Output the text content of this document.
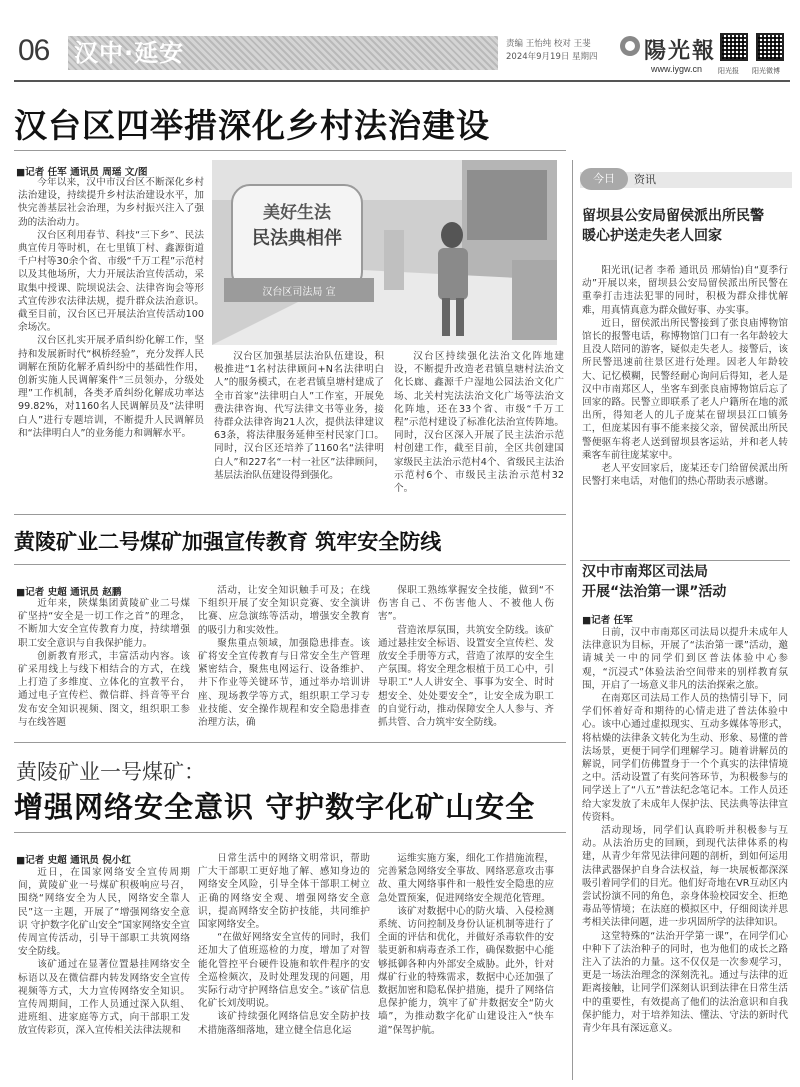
06 汉中·延安	责编 王怡纯 校对 王斐
2024年9月19日 星期四 陽光報
www.iygw.cn 阳光报 阳光微博
汉台区四举措深化乡村法治建设
■记者 任军 通讯员 周瑶 文/图
美好生法
民法典相伴
汉台区司法局 宣

今年以来，汉中市汉台区不断深化乡村法治建设，持续提升乡村法治建设水平，加快完善基层社会治理，为乡村振兴注入了强劲的法治动力。

汉台区利用春节、科技“三下乡”、民法典宣传月等时机，在七里镇丁村、鑫源街道千户村等30余个省、市级“千万工程”示范村以及其他场所，大力开展法治宣传活动，采取集中授课、院坝说法会、法律咨询会等形式宣传涉农法律法规，提升群众法治意识。截至目前，汉台区已开展法治宣传活动100余场次。

汉台区扎实开展矛盾纠纷化解工作，坚持和发展新时代“枫桥经验”，充分发挥人民调解在预防化解矛盾纠纷中的基础性作用，创新实施人民调解案件“三员领办，分级处理”工作机制，各类矛盾纠纷化解成功率达99.82%，对1160名人民调解员及“法律明白人”进行专题培训，不断提升人民调解员和“法律明白人”的业务能力和调解水平。

汉台区加强基层法治队伍建设，积极推进“1名村法律顾问+N名法律明白人”的服务模式，在老君镇皇塘村建成了全市首家“法律明白人”工作室，开展免费法律咨询、代写法律文书等业务，接待群众法律咨询21人次，提供法律建议63条，将法律服务延伸至村民家门口。同时，汉台区还培养了1160名“法律明白人”和227名“一村一社区”法律顾问，基层法治队伍建设得到强化。

汉台区持续强化法治文化阵地建设，不断提升改造老君镇皇塘村法治文化长廊、鑫源千户湿地公园法治文化广场、北关村宪法法治文化广场等法治文化阵地，还在33个省、市级“千万工程”示范村建设了标准化法治宣传阵地。同时，汉台区深入开展了民主法治示范村创建工作，截至目前，全区共创建国家级民主法治示范村4个、省级民主法治示范村6个、市级民主法治示范村32个。

黄陵矿业二号煤矿加强宣传教育 筑牢安全防线
■记者 史超 通讯员 赵鹏

近年来，陕煤集团黄陵矿业二号煤矿坚持“安全是一切工作之首”的理念，不断加大安全宣传教育力度，持续增强职工安全意识与自我保护能力。

创新教育形式，丰富活动内容。该矿采用线上与线下相结合的方式，在线上打造了多维度、立体化的宣教平台，通过电子宣传栏、微信群、抖音等平台发布安全知识视频、图文，组织职工参与在线答题

活动，让安全知识触手可及；在线下组织开展了安全知识竞赛、安全演讲比赛、应急演练等活动，增强安全教育的吸引力和实效性。

聚焦重点领域，加强隐患排查。该矿将安全宣传教育与日常安全生产管理紧密结合，聚焦电网运行、设备维护、井下作业等关键环节，通过举办培训讲座、现场教学等方式，组织职工学习专业技能、安全操作规程和安全隐患排查治理方法，确

保职工熟练掌握安全技能，做到“不伤害自己、不伤害他人、不被他人伤害”。

营造浓厚氛围，共筑安全防线。该矿通过悬挂安全标语、设置安全宣传栏、发放安全手册等方式，营造了浓厚的安全生产氛围。将安全理念根植于员工心中，引导职工“人人讲安全、事事为安全、时时想安全、处处要安全”，让安全成为职工的自觉行动，推动保障安全人人参与、齐抓共管、合力筑牢安全防线。

黄陵矿业一号煤矿：
增强网络安全意识 守护数字化矿山安全
■记者 史超 通讯员 倪小红

近日，在国家网络安全宣传周期间，黄陵矿业一号煤矿积极响应号召，围绕“网络安全为人民，网络安全靠人民”这一主题，开展了“增强网络安全意识 守护数字化矿山安全”国家网络安全宣传周宣传活动，引导干部职工共筑网络安全防线。

该矿通过在显著位置悬挂网络安全标语以及在微信群内转发网络安全宣传视频等方式，大力宣传网络安全知识。宣传周期间，工作人员通过深入队组、进班组、进家庭等方式，向干部职工发放宣传彩页，深入宣传相关法律法规和

日常生活中的网络文明常识，帮助广大干部职工更好地了解、感知身边的网络安全风险，引导全体干部职工树立正确的网络安全观、增强网络安全意识，提高网络安全防护技能，共同维护国家网络安全。

“在做好网络安全宣传的同时，我们还加大了值班巡检的力度，增加了对智能化管控平台硬件设施和软件程序的安全巡检频次，及时处理发现的问题，用实际行动守护网络信息安全。”该矿信息化矿长刘茂明说。

该矿持续强化网络信息安全防护技术措施落细落地，建立健全信息化运

运维实施方案，细化工作措施流程，完善紧急网络安全事故、网络恶意攻击事故、重大网络事件和一般性安全隐患的应急处置预案，促进网络安全规范化管理。

该矿对数据中心的防火墙、入侵检测系统、访问控制及身份认证机制等进行了全面的评估和优化，并做好杀毒软件的安装更新和病毒查杀工作，确保数据中心能够抵御各种内外部安全威胁。此外，针对煤矿行业的特殊需求，数据中心还加强了数据加密和隐私保护措施，提升了网络信息保护能力，筑牢了矿井数据安全“防火墙”，为推动数字化矿山建设注入“快车道”保驾护航。

今日	资讯
留坝县公安局留侯派出所民警
暖心护送走失老人回家

阳光讯(记者 李希 通讯员 邢婧怡)自“夏季行动”开展以来，留坝县公安局留侯派出所民警在重拳打击违法犯罪的同时，积极为群众排忧解难，用真情真意为群众做好事、办实事。

近日，留侯派出所民警接到了张良庙博物馆馆长的报警电话，称博物馆门口有一名年龄较大且没人陪同的游客，疑似走失老人。接警后，该所民警迅速前往景区进行处理。因老人年龄较大、记忆模糊，民警经耐心询问后得知，老人是汉中市南郑区人，坐客车到张良庙博物馆后忘了回家的路。民警立即联系了老人户籍所在地的派出所，得知老人的儿子庞某在留坝县江口镇务工，但庞某因有事不能来接父亲，留侯派出所民警便驱车将老人送到留坝县客运站，并和老人转乘客车前往庞某家中。

老人平安回家后，庞某还专门给留侯派出所民警打来电话，对他们的热心帮助表示感谢。

汉中市南郑区司法局
开展“法治第一课”活动
■记者 任军

日前，汉中市南郑区司法局以提升未成年人法律意识为目标，开展了“法治第一课”活动，邀请城关一中的同学们到区普法体验中心参观，“沉浸式”体验法治空间带来的别样教育氛围，开启了一场意义非凡的法治探索之旅。

在南郑区司法局工作人员的热情引导下，同学们怀着好奇和期待的心情走进了普法体验中心。该中心通过虚拟现实、互动多媒体等形式，将枯燥的法律条文转化为生动、形象、易懂的普法场景，更便于同学们理解学习。随着讲解员的解说，同学们仿佛置身于一个个真实的法律情境之中。活动设置了有奖问答环节，为积极参与的同学送上了“八五”普法纪念笔记本。工作人员还给大家发放了未成年人保护法、民法典等法律宣传资料。

活动现场，同学们认真聆听并积极参与互动。从法治历史的回顾，到现代法律体系的构建，从青少年常见法律问题的剖析，到如何运用法律武器保护自身合法权益，每一块展板都深深吸引着同学们的目光。他们好奇地在VR互动区内尝试扮演不同的角色，亲身体验校园安全、拒绝毒品等情境；在法庭的模拟区中，仔细阅读并思考相关法律问题，进一步巩固所学的法律知识。

这堂特殊的“法治开学第一课”，在同学们心中种下了法治种子的同时，也为他们的成长之路注入了法治的力量。这不仅仅是一次参观学习，更是一场法治理念的深刻洗礼。通过与法律的近距离接触，让同学们深刻认识到法律在日常生活中的重要性，有效提高了他们的法治意识和自我保护能力，对于培养知法、懂法、守法的新时代青少年具有深远意义。
